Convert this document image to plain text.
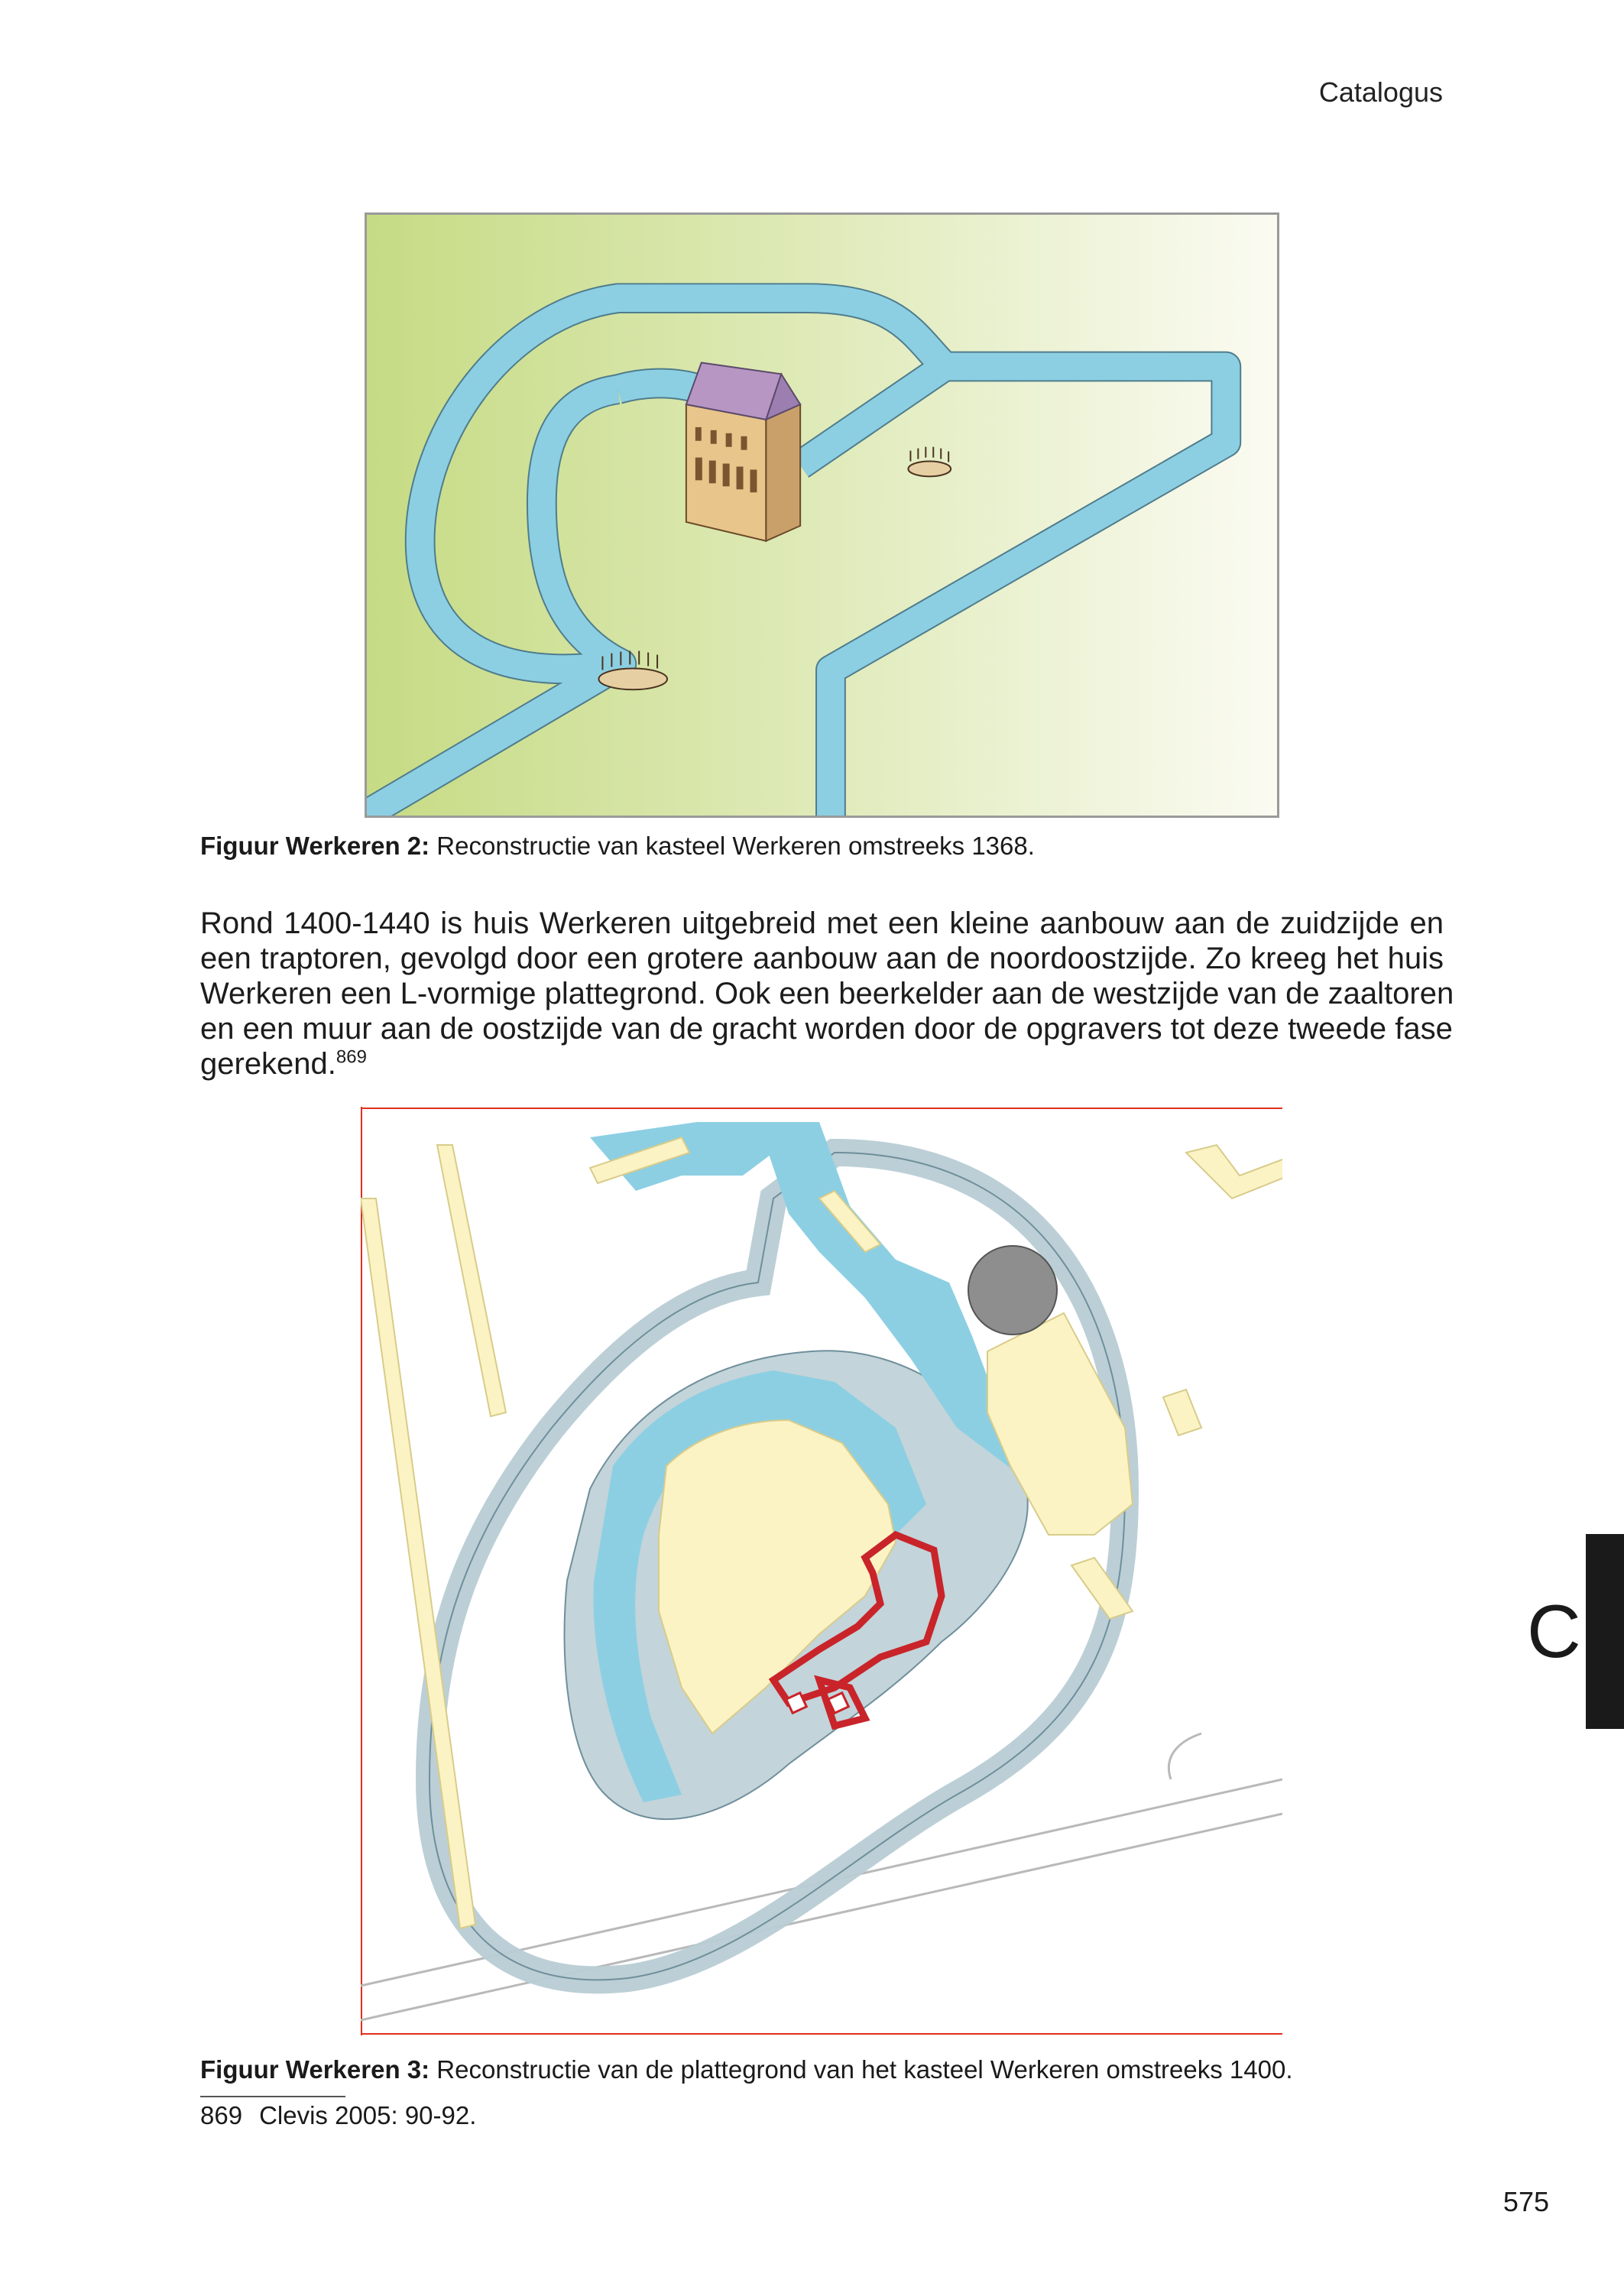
Catalogus
Figuur Werkeren 2: Reconstructie van kasteel Werkeren omstreeks 1368.
Rond 1400-1440 is huis Werkeren uitgebreid met een kleine aanbouw aan de zuidzijde en
een traptoren, gevolgd door een grotere aanbouw aan de noordoostzijde. Zo kreeg het huis
Werkeren een L-vormige plattegrond. Ook een beerkelder aan de westzijde van de zaaltoren
en een muur aan de oostzijde van de gracht worden door de opgravers tot deze tweede fase
gerekend.$^{869}$
Figuur Werkeren 3: Reconstructie van de plattegrond van het kasteel Werkeren omstreeks 1400.
869 Clevis 2005: 90-92.
C
575
